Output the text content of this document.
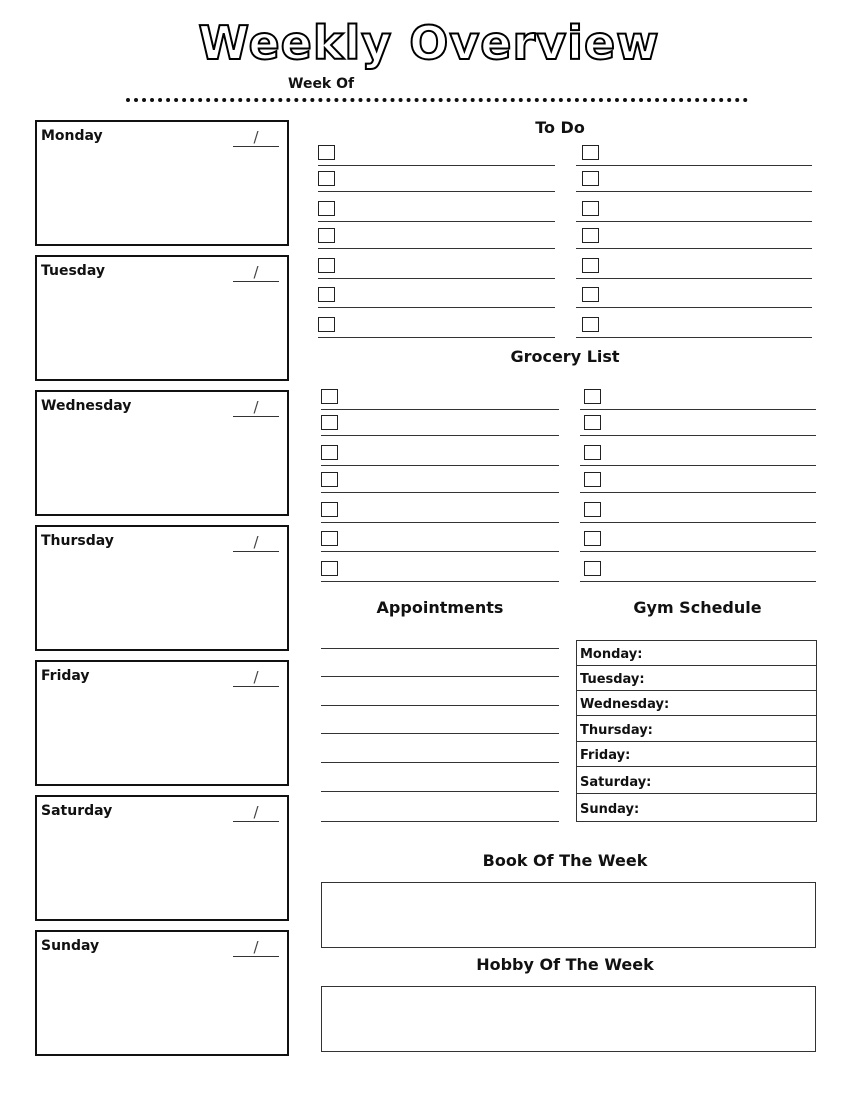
Weekly Overview
Week Of
Monday	/
Tuesday	/
Wednesday	/
Thursday	/
Friday	/
Saturday	/
Sunday	/
To Do
Grocery List
Appointments	Gym Schedule
Monday:
Tuesday:
Wednesday:
Thursday:
Friday:
Saturday:
Sunday:
Book Of The Week
Hobby Of The Week
